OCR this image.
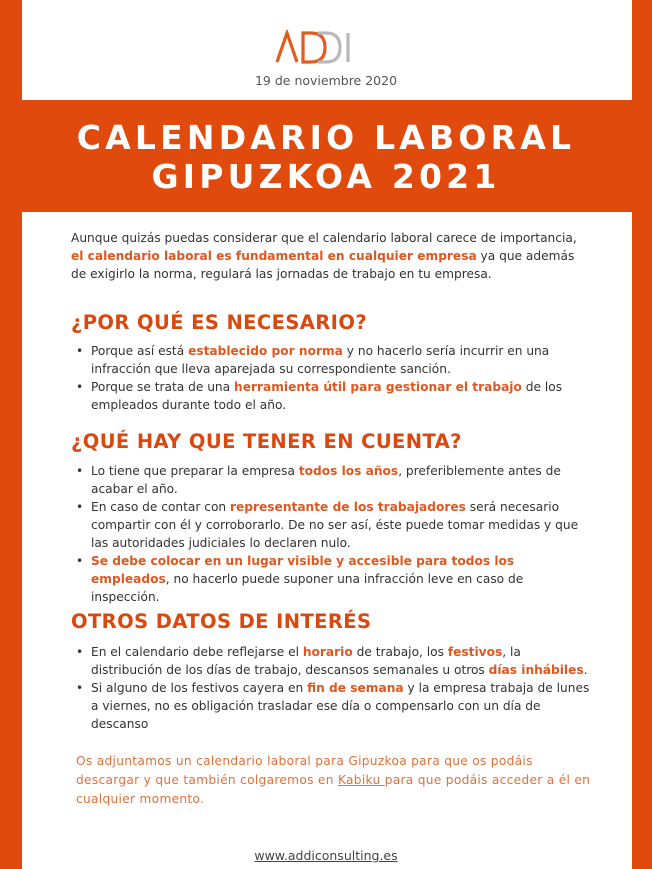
19 de noviembre 2020
CALENDARIO LABORAL
GIPUZKOA 2021
Aunque quizás puedas considerar que el calendario laboral carece de importancia, el calendario laboral es fundamental en cualquier empresa ya que además de exigirlo la norma, regulará las jornadas de trabajo en tu empresa.
¿POR QUÉ ES NECESARIO?
• Porque así está establecido por norma y no hacerlo sería incurrir en una infracción que lleva aparejada su correspondiente sanción.
• Porque se trata de una herramienta útil para gestionar el trabajo de los empleados durante todo el año.
¿QUÉ HAY QUE TENER EN CUENTA?
• Lo tiene que preparar la empresa todos los años, preferiblemente antes de acabar el año.
• En caso de contar con representante de los trabajadores será necesario compartir con él y corroborarlo. De no ser así, éste puede tomar medidas y que las autoridades judiciales lo declaren nulo.
• Se debe colocar en un lugar visible y accesible para todos los empleados, no hacerlo puede suponer una infracción leve en caso de inspección.
OTROS DATOS DE INTERÉS
• En el calendario debe reflejarse el horario de trabajo, los festivos, la distribución de los días de trabajo, descansos semanales u otros días inhábiles.
• Si alguno de los festivos cayera en fin de semana y la empresa trabaja de lunes a viernes, no es obligación trasladar ese día o compensarlo con un día de descanso
Os adjuntamos un calendario laboral para Gipuzkoa para que os podáis descargar y que también colgaremos en Kabiku para que podáis acceder a él en cualquier momento.
www.addiconsulting.es
